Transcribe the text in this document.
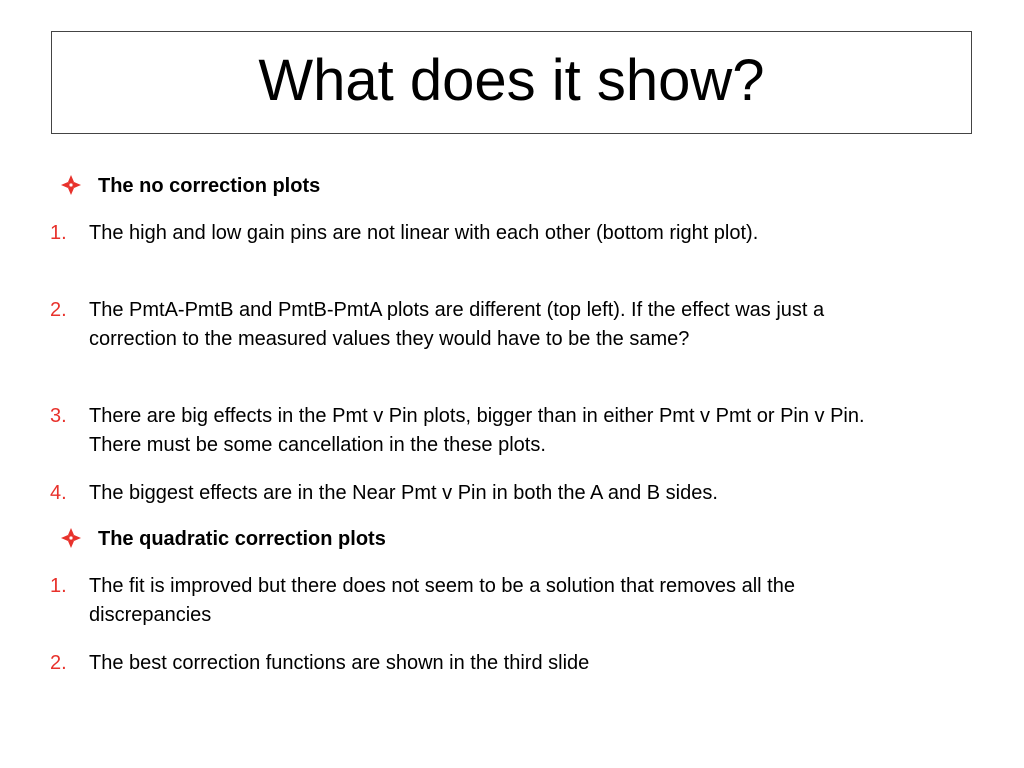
What does it show?
The no correction plots
1.	The high and low gain pins are not linear with each other (bottom right plot).
2.	The PmtA-PmtB and PmtB-PmtA plots are different (top left). If the effect was just a correction to the measured values they would have to be the same?
3.	There are big effects in the Pmt v Pin plots, bigger than in either Pmt v Pmt or Pin v Pin. There must be some cancellation in the these plots.
4.	The biggest effects are in the Near Pmt v Pin in both the A and B sides.
The quadratic correction plots
1.	The fit is improved but there does not seem to be a solution that removes all the discrepancies
2.	The best correction functions are shown in the third slide
